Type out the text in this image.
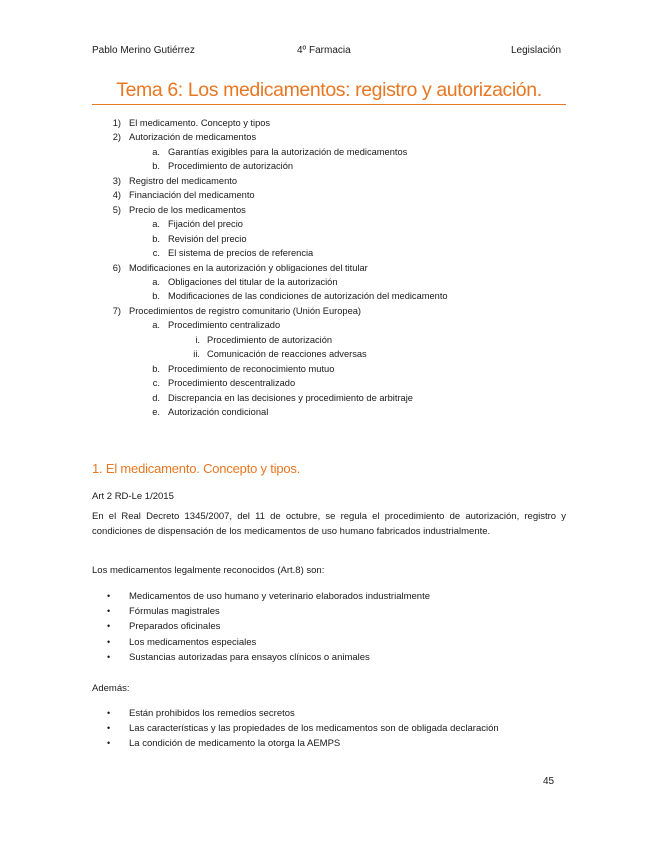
Pablo Merino Gutiérrez	4º Farmacia	Legislación
Tema 6: Los medicamentos: registro y autorización.
1) El medicamento. Concepto y tipos
2) Autorización de medicamentos
a. Garantías exigibles para la autorización de medicamentos
b. Procedimiento de autorización
3) Registro del medicamento
4) Financiación del medicamento
5) Precio de los medicamentos
a. Fijación del precio
b. Revisión del precio
c. El sistema de precios de referencia
6) Modificaciones en la autorización y obligaciones del titular
a. Obligaciones del titular de la autorización
b. Modificaciones de las condiciones de autorización del medicamento
7) Procedimientos de registro comunitario (Unión Europea)
a. Procedimiento centralizado
i. Procedimiento de autorización
ii. Comunicación de reacciones adversas
b. Procedimiento de reconocimiento mutuo
c. Procedimiento descentralizado
d. Discrepancia en las decisiones y procedimiento de arbitraje
e. Autorización condicional
1. El medicamento. Concepto y tipos.
Art 2 RD-Le 1/2015
En el Real Decreto 1345/2007, del 11 de octubre, se regula el procedimiento de autorización, registro y condiciones de dispensación de los medicamentos de uso humano fabricados industrialmente.
Los medicamentos legalmente reconocidos (Art.8) son:
•	Medicamentos de uso humano y veterinario elaborados industrialmente
•	Fórmulas magistrales
•	Preparados oficinales
•	Los medicamentos especiales
•	Sustancias autorizadas para ensayos clínicos o animales
Además:
•	Están prohibidos los remedios secretos
•	Las características y las propiedades de los medicamentos son de obligada declaración
•	La condición de medicamento la otorga la AEMPS
45
